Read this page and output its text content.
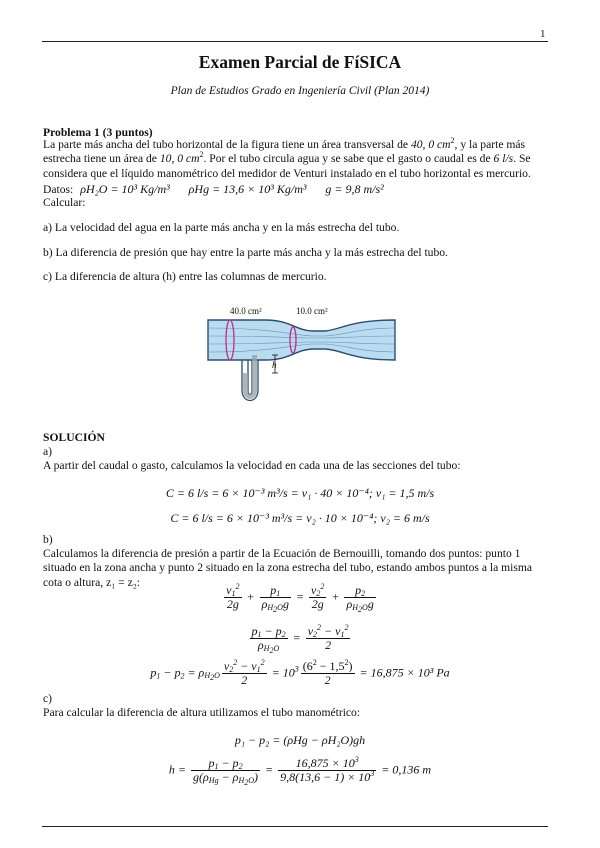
1
Examen Parcial de FíSICA
Plan de Estudios Grado en Ingeniería Civil (Plan 2014)
Problema 1 (3 puntos)
La parte más ancha del tubo horizontal de la figura tiene un área transversal de 40, 0 $cm^2$, y la parte más estrecha tiene un área de 10, 0 $cm^2$. Por el tubo circula agua y se sabe que el gasto o caudal es de 6 l/s. Se considera que el líquido manométrico del medidor de Venturi instalado en el tubo horizontal es mercurio.
Datos: ρH₂O = 10³ Kg/m³ ρHg = 13,6 × 10³ Kg/m³ g = 9,8 m/s²
Calcular:
a) La velocidad del agua en la parte más ancha y en la más estrecha del tubo.
b) La diferencia de presión que hay entre la parte más ancha y la más estrecha del tubo.
c) La diferencia de altura (h) entre las columnas de mercurio.
40.0 cm²	10.0 cm²
h
SOLUCIÓN
a)
A partir del caudal o gasto, calculamos la velocidad en cada una de las secciones del tubo:
C = 6 l/s = 6 × 10⁻³ m³/s = v₁ · 40 × 10⁻⁴; v₁ = 1,5 m/s
C = 6 l/s = 6 × 10⁻³ m³/s = v₂ · 10 × 10⁻⁴; v₂ = 6 m/s
b)
Calculamos la diferencia de presión a partir de la Ecuación de Bernouilli, tomando dos puntos: punto 1 situado en la zona ancha y punto 2 situado en la zona estrecha del tubo, estando ambos puntos a la misma cota o altura, z₁ = z₂:
$\frac{v_1^2}{2g} + \frac{p_1}{\rho_{H_2O}g} = \frac{v_2^2}{2g} + \frac{p_2}{\rho_{H_2O}g}$
$\frac{p_1 - p_2}{\rho_{H_2O}} = \frac{v_2^2 - v_1^2}{2}$
$p_1 - p_2 = \rho_{H_2O} \frac{v_2^2 - v_1^2}{2} = 10^3 \frac{(6^2 - 1,5^2)}{2} = 16,875 \times 10^3$ Pa
c)
Para calcular la diferencia de altura utilizamos el tubo manométrico:
p₁ − p₂ = (ρHg − ρH₂O)gh
$h = \frac{p_1 - p_2}{g(\rho_{Hg} - \rho_{H_2O})} = \frac{16,875 \times 10^3}{9,8(13,6 - 1) \times 10^3} = 0,136$ m
